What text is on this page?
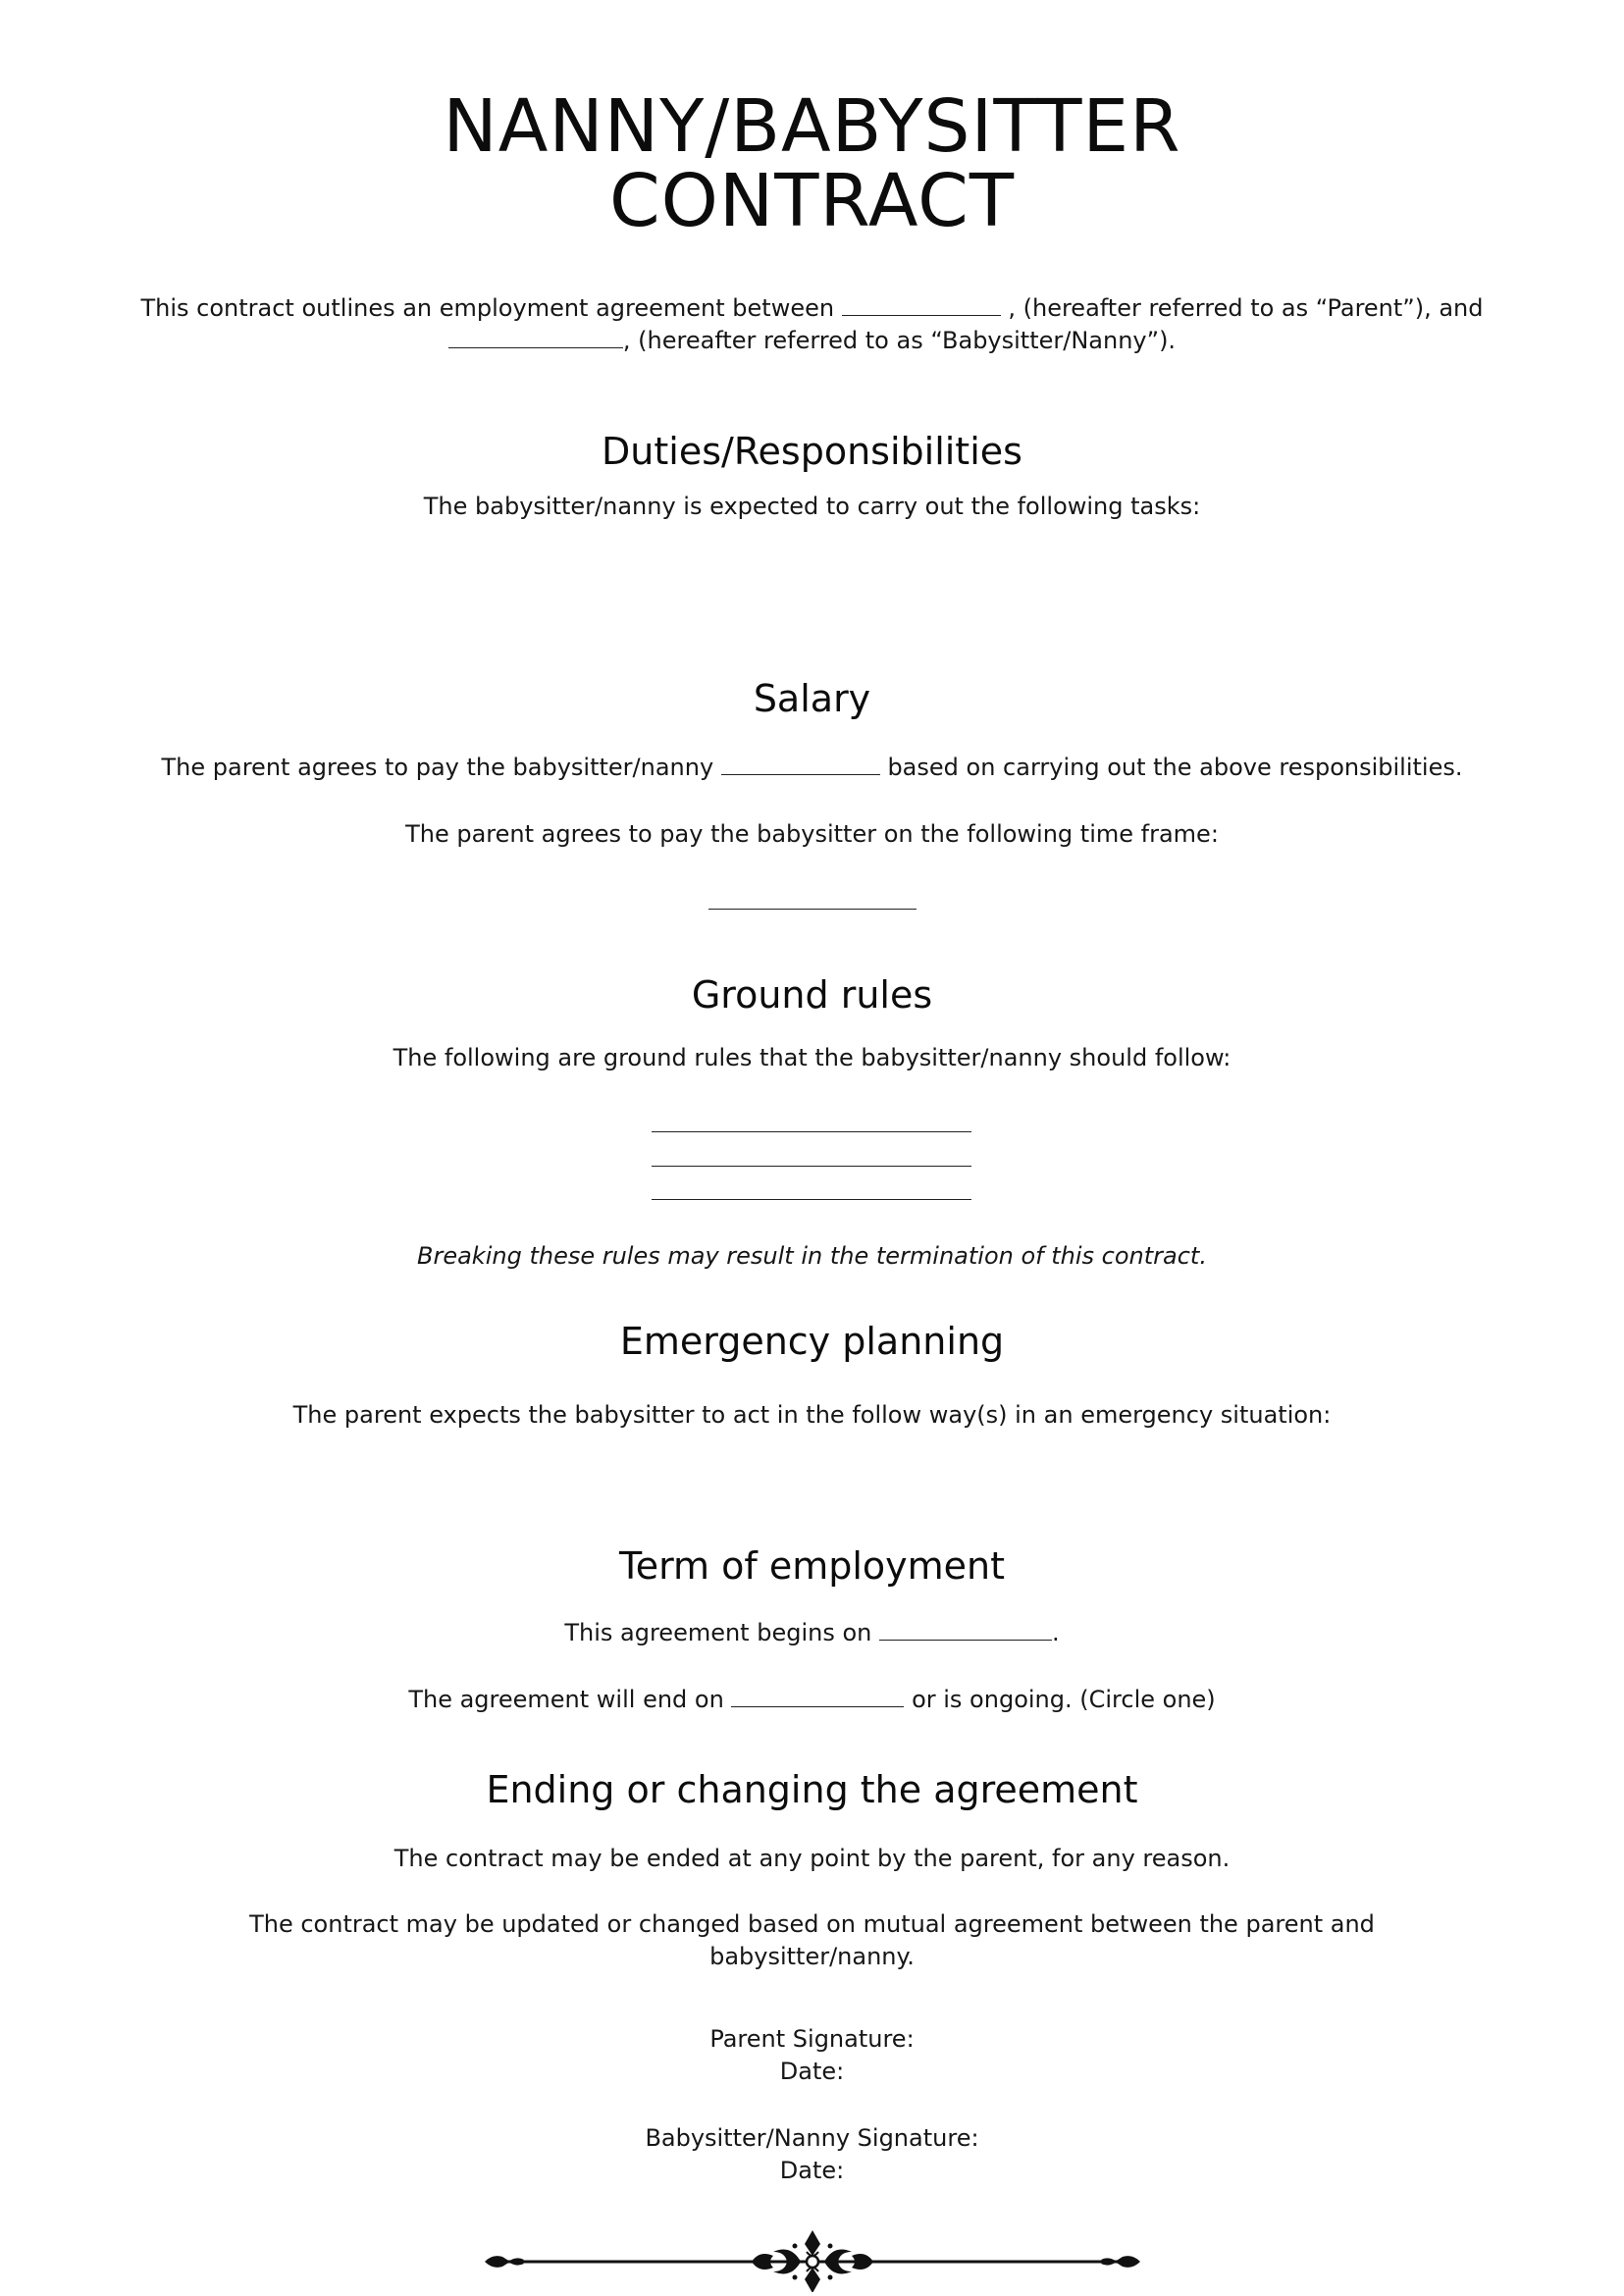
NANNY/BABYSITTER
CONTRACT
This contract outlines an employment agreement between	, (hereafter referred to as “Parent”), and
, (hereafter referred to as “Babysitter/Nanny”).
Duties/Responsibilities
The babysitter/nanny is expected to carry out the following tasks:
Salary
The parent agrees to pay the babysitter/nanny	based on carrying out the above responsibilities.
The parent agrees to pay the babysitter on the following time frame:
Ground rules
The following are ground rules that the babysitter/nanny should follow:
Breaking these rules may result in the termination of this contract.
Emergency planning
The parent expects the babysitter to act in the follow way(s) in an emergency situation:
Term of employment
This agreement begins on	.
The agreement will end on	or is ongoing. (Circle one)
Ending or changing the agreement
The contract may be ended at any point by the parent, for any reason.
The contract may be updated or changed based on mutual agreement between the parent and
babysitter/nanny.
Parent Signature:
Date:
Babysitter/Nanny Signature:
Date:
